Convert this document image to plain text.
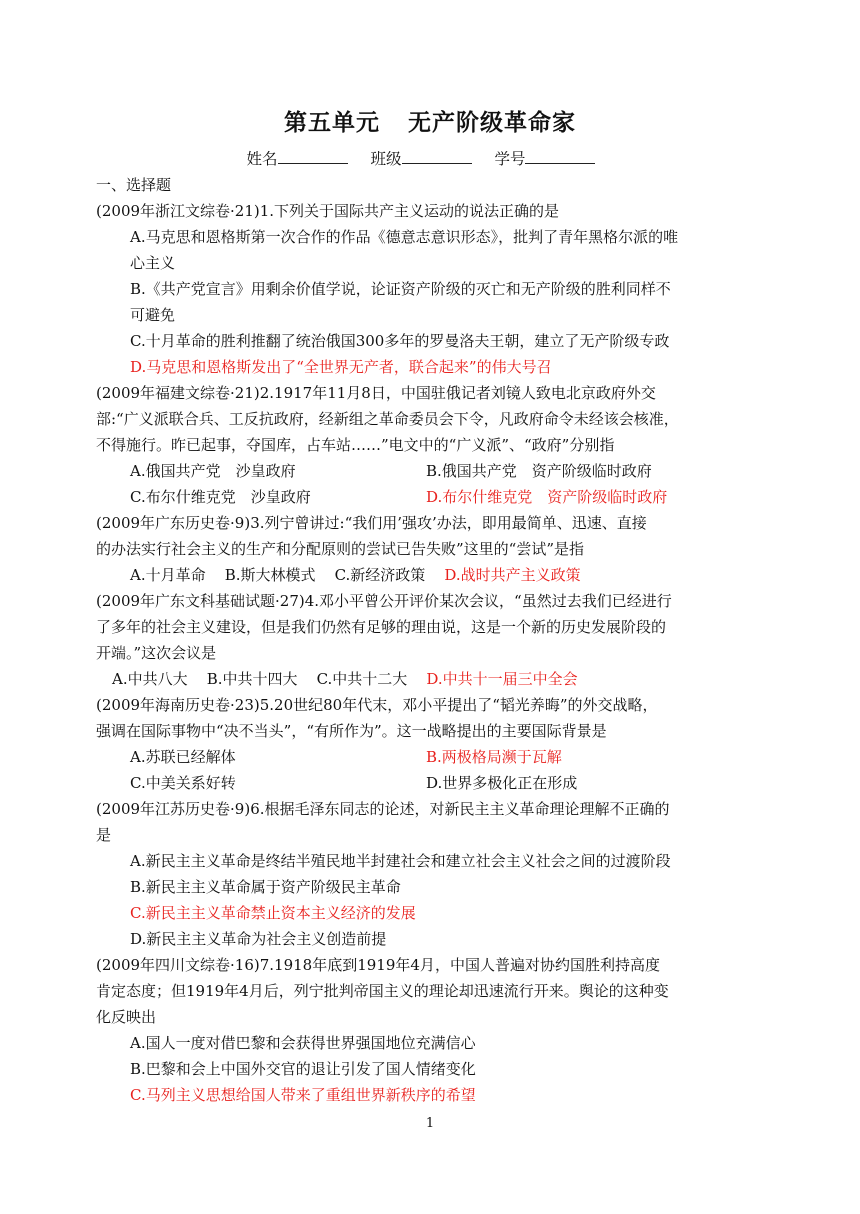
第五单元 无产阶级革命家
姓名	班级	学号
一、选择题
(2009年浙江文综卷·21)1.下列关于国际共产主义运动的说法正确的是
A.马克思和恩格斯第一次合作的作品《德意志意识形态》，批判了青年黑格尔派的唯
心主义
B.《共产党宣言》用剩余价值学说，论证资产阶级的灭亡和无产阶级的胜利同样不
可避免
C.十月革命的胜利推翻了统治俄国300多年的罗曼洛夫王朝，建立了无产阶级专政
D.马克思和恩格斯发出了“全世界无产者，联合起来”的伟大号召
(2009年福建文综卷·21)2.1917年11月8日，中国驻俄记者刘镜人致电北京政府外交
部:“广义派联合兵、工反抗政府，经新组之革命委员会下令，凡政府命令未经该会核准，
不得施行。昨已起事，夺国库，占车站……”电文中的“广义派”、“政府”分别指
A.俄国共产党　沙皇政府	B.俄国共产党　资产阶级临时政府
C.布尔什维克党　沙皇政府	D.布尔什维克党　资产阶级临时政府
(2009年广东历史卷·9)3.列宁曾讲过:“我们用’强攻’办法，即用最简单、迅速、直接
的办法实行社会主义的生产和分配原则的尝试已告失败”这里的“尝试”是指
A.十月革命 B.斯大林模式 C.新经济政策 D.战时共产主义政策
(2009年广东文科基础试题·27)4.邓小平曾公开评价某次会议，“虽然过去我们已经进行
了多年的社会主义建设，但是我们仍然有足够的理由说，这是一个新的历史发展阶段的
开端。”这次会议是
A.中共八大 B.中共十四大 C.中共十二大 D.中共十一届三中全会
(2009年海南历史卷·23)5.20世纪80年代末，邓小平提出了“韬光养晦”的外交战略，
强调在国际事物中“决不当头”，“有所作为”。这一战略提出的主要国际背景是
A.苏联已经解体	B.两极格局濒于瓦解
C.中美关系好转	D.世界多极化正在形成
(2009年江苏历史卷·9)6.根据毛泽东同志的论述，对新民主主义革命理论理解不正确的
是
A.新民主主义革命是终结半殖民地半封建社会和建立社会主义社会之间的过渡阶段
B.新民主主义革命属于资产阶级民主革命
C.新民主主义革命禁止资本主义经济的发展
D.新民主主义革命为社会主义创造前提
(2009年四川文综卷·16)7.1918年底到1919年4月，中国人普遍对协约国胜利持高度
肯定态度；但1919年4月后，列宁批判帝国主义的理论却迅速流行开来。舆论的这种变
化反映出
A.国人一度对借巴黎和会获得世界强国地位充满信心
B.巴黎和会上中国外交官的退让引发了国人情绪变化
C.马列主义思想给国人带来了重组世界新秩序的希望
1
